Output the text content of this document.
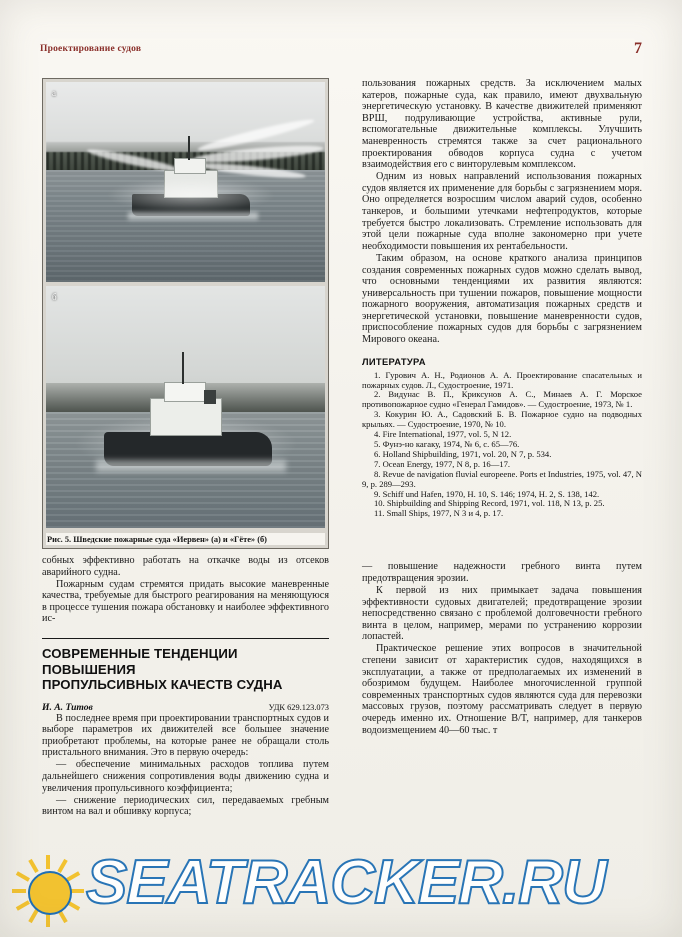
Проектирование судов	7
а
б
Рис. 5. Шведские пожарные суда «Иервен» (а) и «Гёте» (б)

собных эффективно работать на откачке воды из отсеков аварийного судна.

Пожарным судам стремятся придать высокие маневренные качества, требуемые для быстрого реагирования на меняющуюся в процессе тушения пожара обстановку и наиболее эффективного ис-

СОВРЕМЕННЫЕ ТЕНДЕНЦИИ ПОВЫШЕНИЯ
ПРОПУЛЬСИВНЫХ КАЧЕСТВ СУДНА
И. А. Титов	УДК 629.123.073

В последнее время при проектировании транспортных судов и выборе параметров их движителей все большее значение приобретают проблемы, на которые ранее не обращали столь пристального внимания. Это в первую очередь:

— обеспечение минимальных расходов топлива путем дальнейшего снижения сопротивления воды движению судна и увеличения пропульсивного коэффициента;

— снижение периодических сил, передаваемых гребным винтом на вал и обшивку корпуса;

пользования пожарных средств. За исключением малых катеров, пожарные суда, как правило, имеют двухвальную энергетическую установку. В качестве движителей применяют ВРШ, подруливающие устройства, активные рули, вспомогательные движительные комплексы. Улучшить маневренность стремятся также за счет рационального проектирования обводов корпуса судна с учетом взаимодействия его с винторулевым комплексом.

Одним из новых направлений использования пожарных судов является их применение для борьбы с загрязнением моря. Оно определяется возросшим числом аварий судов, особенно танкеров, и большими утечками нефтепродуктов, которые требуется быстро локализовать. Стремление использовать для этой цели пожарные суда вполне закономерно при учете необходимости повышения их рентабельности.

Таким образом, на основе краткого анализа принципов создания современных пожарных судов можно сделать вывод, что основными тенденциями их развития являются: универсальность при тушении пожаров, повышение мощности пожарного вооружения, автоматизация пожарных средств и энергетической установки, повышение маневренности судов, приспособление пожарных судов для борьбы с загрязнением Мирового океана.

ЛИТЕРАТУРА

1. Гурович А. Н., Родионов А. А. Проектирование спасательных и пожарных судов. Л., Судостроение, 1971.

2. Видунас В. П., Криксунов А. С., Минаев А. Г. Морское противопожарное судно «Генерал Гамидов». — Судостроение, 1973, № 1.

3. Кокурин Ю. А., Садовский Б. В. Пожарное судно на подводных крыльях. — Судостроение, 1970, № 10.

4. Fire International, 1977, vol. 5, N 12.

5. Фунэ-но кагаку, 1974, № 6, с. 65—76.

6. Holland Shipbuilding, 1971, vol. 20, N 7, p. 534.

7. Ocean Energy, 1977, N 8, p. 16—17.

8. Revue de navigation fluvial europeene. Ports et Industries, 1975, vol. 47, N 9, p. 289—293.

9. Schiff und Hafen, 1970, H. 10, S. 146; 1974, H. 2, S. 138, 142.

10. Shipbuilding and Shipping Record, 1971, vol. 118, N 13, p. 25.

11. Small Ships, 1977, N 3 и 4, p. 17.

— повышение надежности гребного винта путем предотвращения эрозии.

К первой из них примыкает задача повышения эффективности судовых двигателей; предотвращение эрозии непосредственно связано с проблемой долговечности гребного винта в целом, например, мерами по устранению коррозии лопастей.

Практическое решение этих вопросов в значительной степени зависит от характеристик судов, находящихся в эксплуатации, а также от предполагаемых их изменений в обозримом будущем. Наиболее многочисленной группой современных транспортных судов являются суда для перевозки массовых грузов, поэтому рассматривать следует в первую очередь именно их. Отношение B/T, например, для танкеров водоизмещением 40—60 тыс. т

SEATRACKER.RU
